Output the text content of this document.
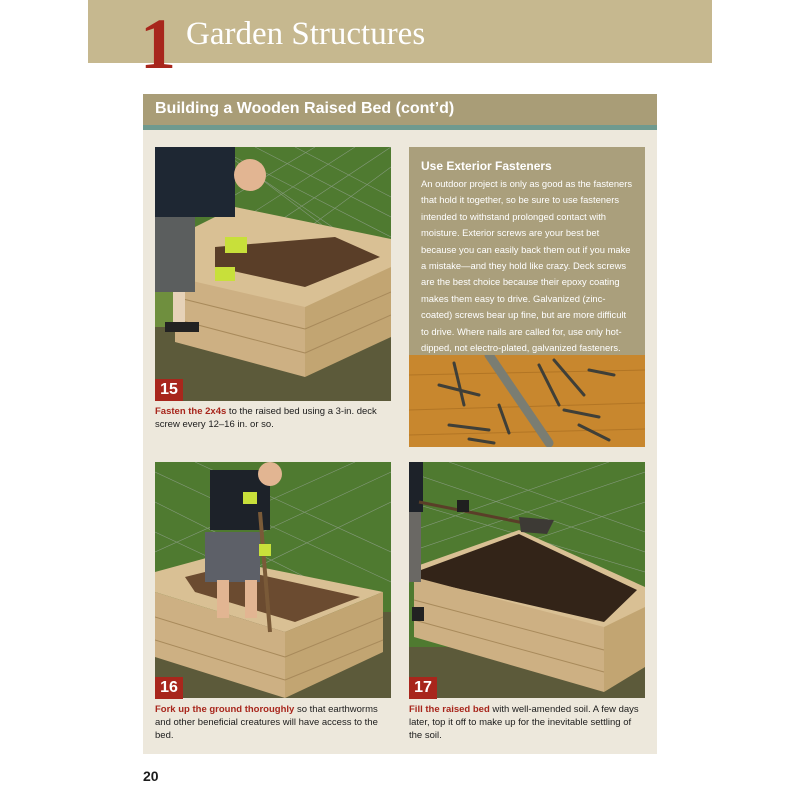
1 Garden Structures
Building a Wooden Raised Bed (cont’d)
15
Fasten the 2x4s to the raised bed using a 3-in. deck screw every 12–16 in. or so.
Use Exterior Fasteners
An outdoor project is only as good as the fasteners that hold it together, so be sure to use fasteners intended to withstand prolonged contact with moisture. Exterior screws are your best bet because you can easily back them out if you make a mistake—and they hold like crazy. Deck screws are the best choice because their epoxy coating makes them easy to drive. Galvanized (zinc-coated) screws bear up fine, but are more difficult to drive. Where nails are called for, use only hot-dipped, not electro-plated, galvanized fasteners.
16
Fork up the ground thoroughly so that earthworms and other beneficial creatures will have access to the bed.
17
Fill the raised bed with well-amended soil. A few days later, top it off to make up for the inevitable settling of the soil.
20
